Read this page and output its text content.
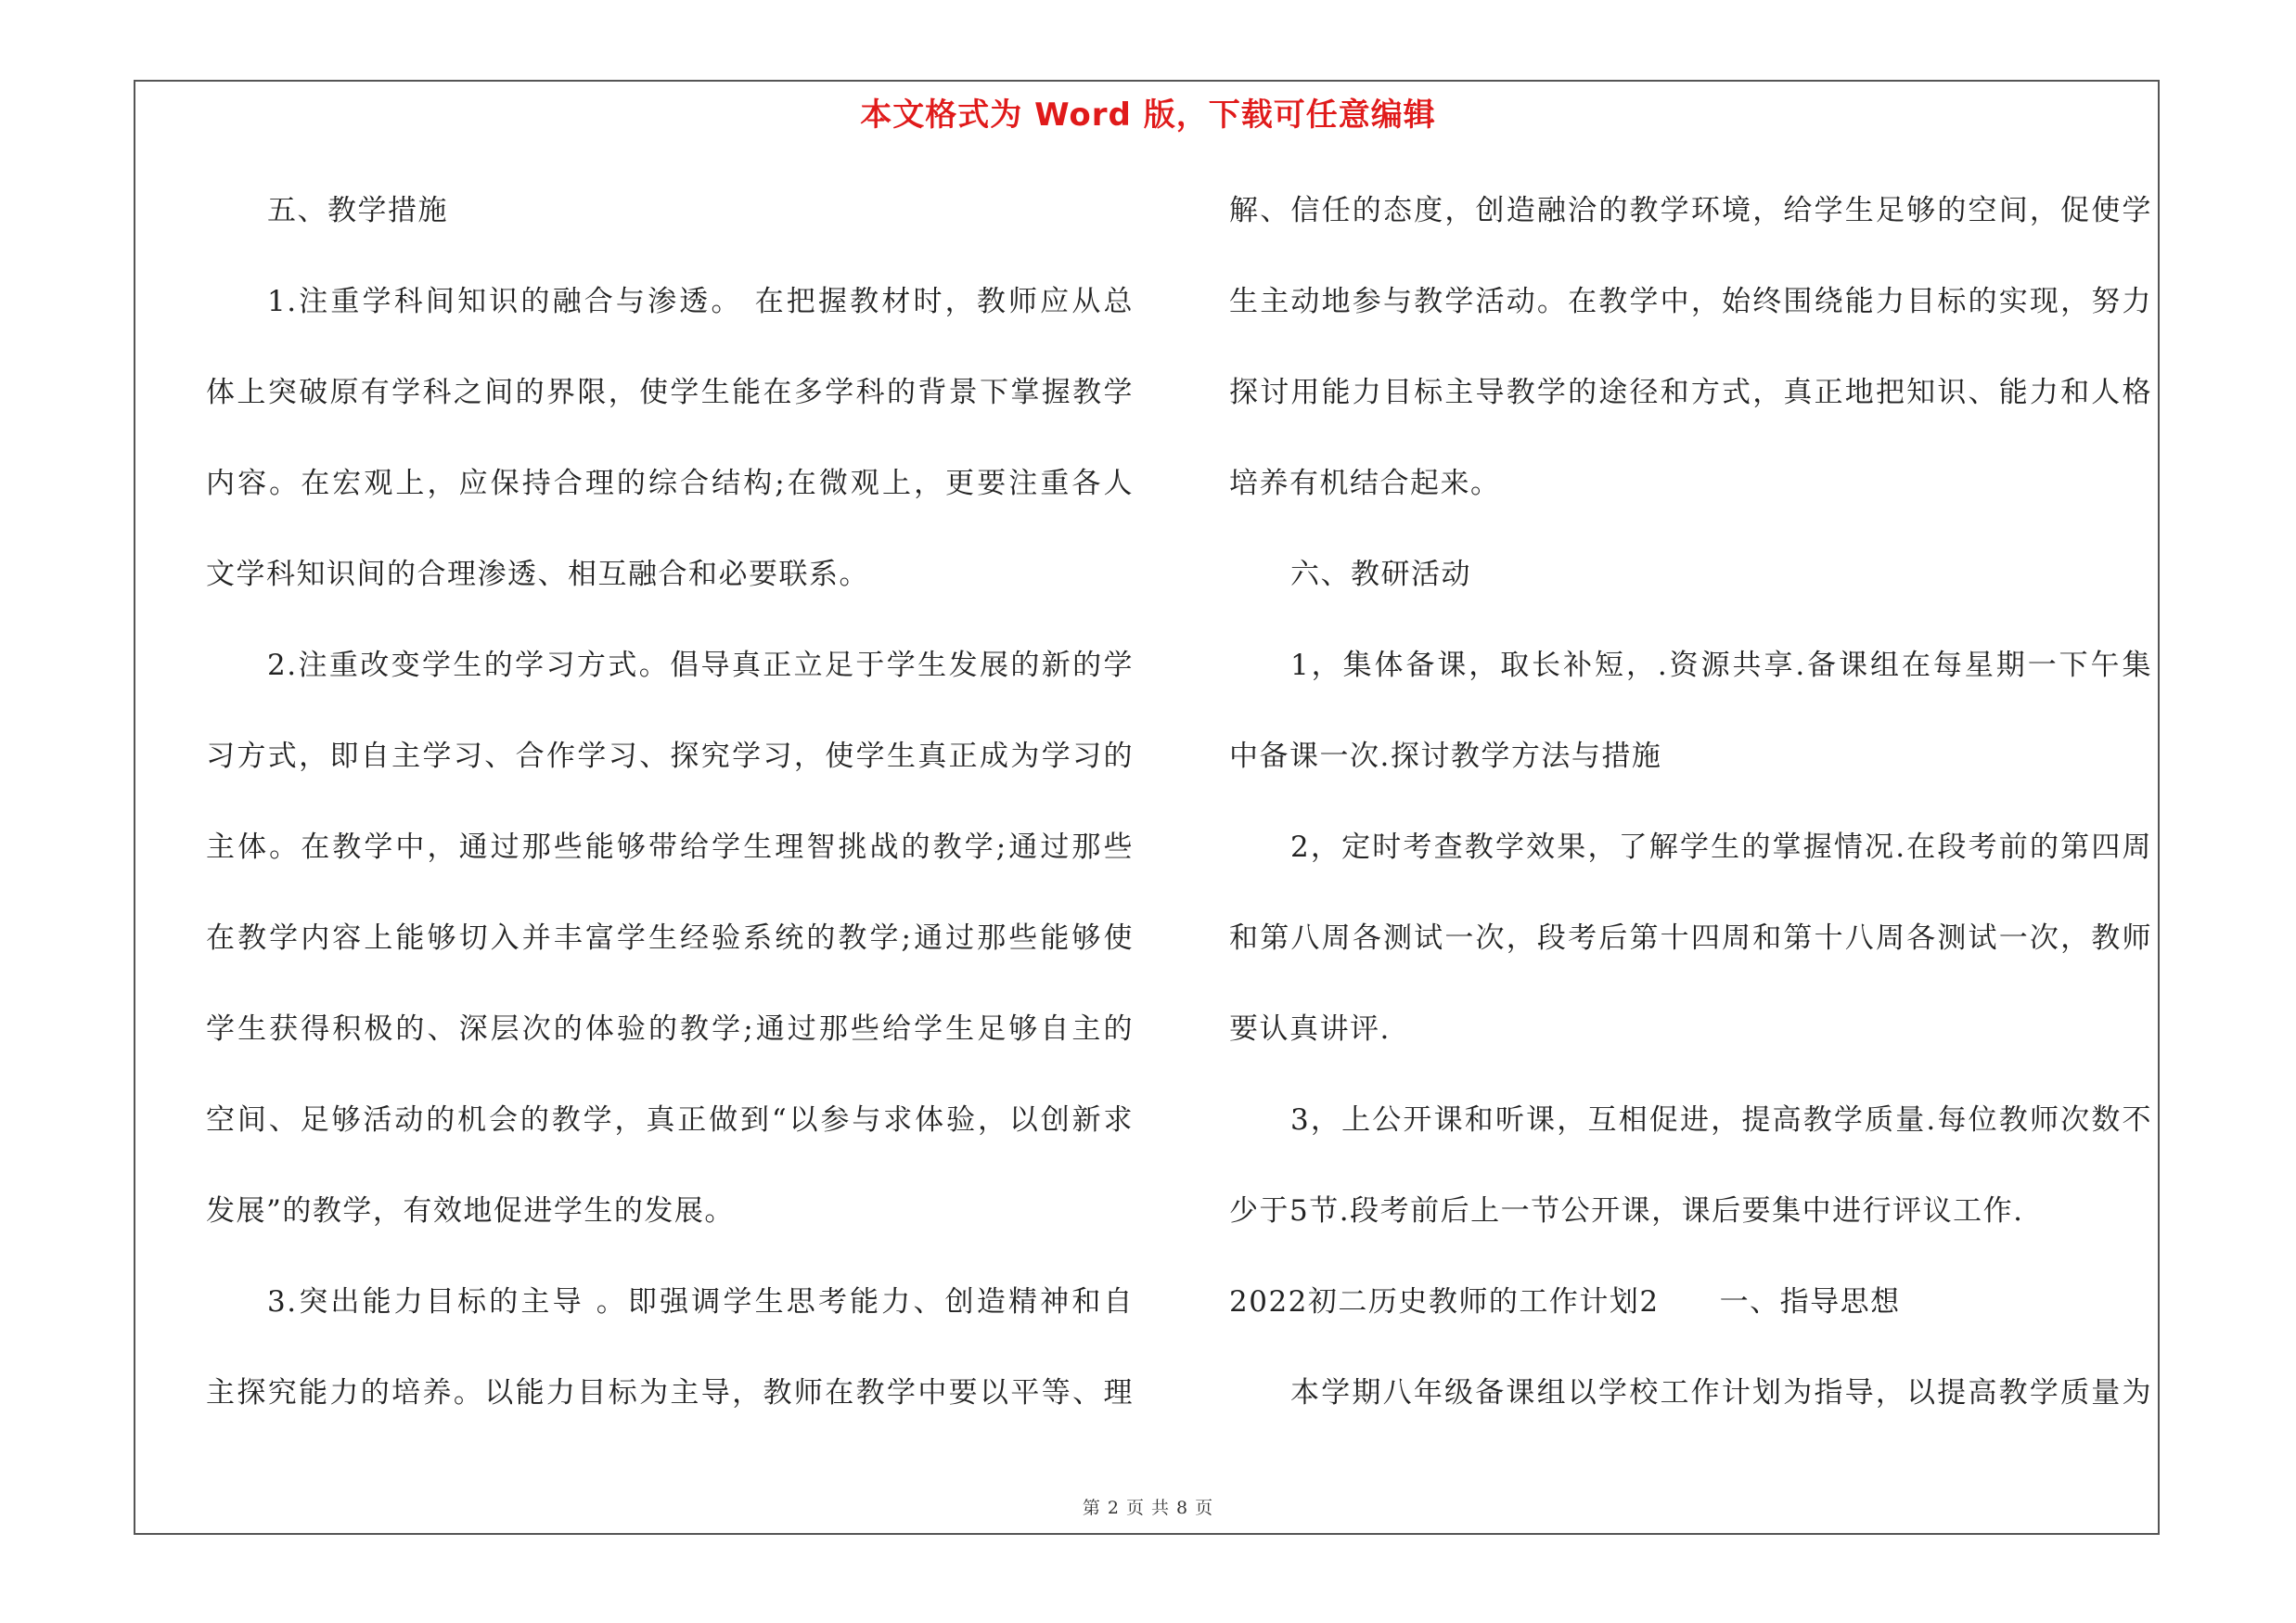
本文格式为 Word 版，下载可任意编辑
五、教学措施
1.注重学科间知识的融合与渗透。 在把握教材时，教师应从总
体上突破原有学科之间的界限，使学生能在多学科的背景下掌握教学
内容。在宏观上，应保持合理的综合结构;在微观上，更要注重各人
文学科知识间的合理渗透、相互融合和必要联系。
2.注重改变学生的学习方式。倡导真正立足于学生发展的新的学
习方式，即自主学习、合作学习、探究学习，使学生真正成为学习的
主体。在教学中，通过那些能够带给学生理智挑战的教学;通过那些
在教学内容上能够切入并丰富学生经验系统的教学;通过那些能够使
学生获得积极的、深层次的体验的教学;通过那些给学生足够自主的
空间、足够活动的机会的教学，真正做到“以参与求体验，以创新求
发展”的教学，有效地促进学生的发展。
3.突出能力目标的主导 。即强调学生思考能力、创造精神和自
主探究能力的培养。以能力目标为主导，教师在教学中要以平等、理
解、信任的态度，创造融洽的教学环境，给学生足够的空间，促使学
生主动地参与教学活动。在教学中，始终围绕能力目标的实现，努力
探讨用能力目标主导教学的途径和方式，真正地把知识、能力和人格
培养有机结合起来。
六、教研活动
1，集体备课，取长补短，.资源共享.备课组在每星期一下午集
中备课一次.探讨教学方法与措施
2，定时考查教学效果，了解学生的掌握情况.在段考前的第四周
和第八周各测试一次，段考后第十四周和第十八周各测试一次，教师
要认真讲评.
3，上公开课和听课，互相促进，提高教学质量.每位教师次数不
少于5节.段考前后上一节公开课，课后要集中进行评议工作.
2022初二历史教师的工作计划2　　一、指导思想
本学期八年级备课组以学校工作计划为指导，以提高教学质量为
第 2 页 共 8 页
